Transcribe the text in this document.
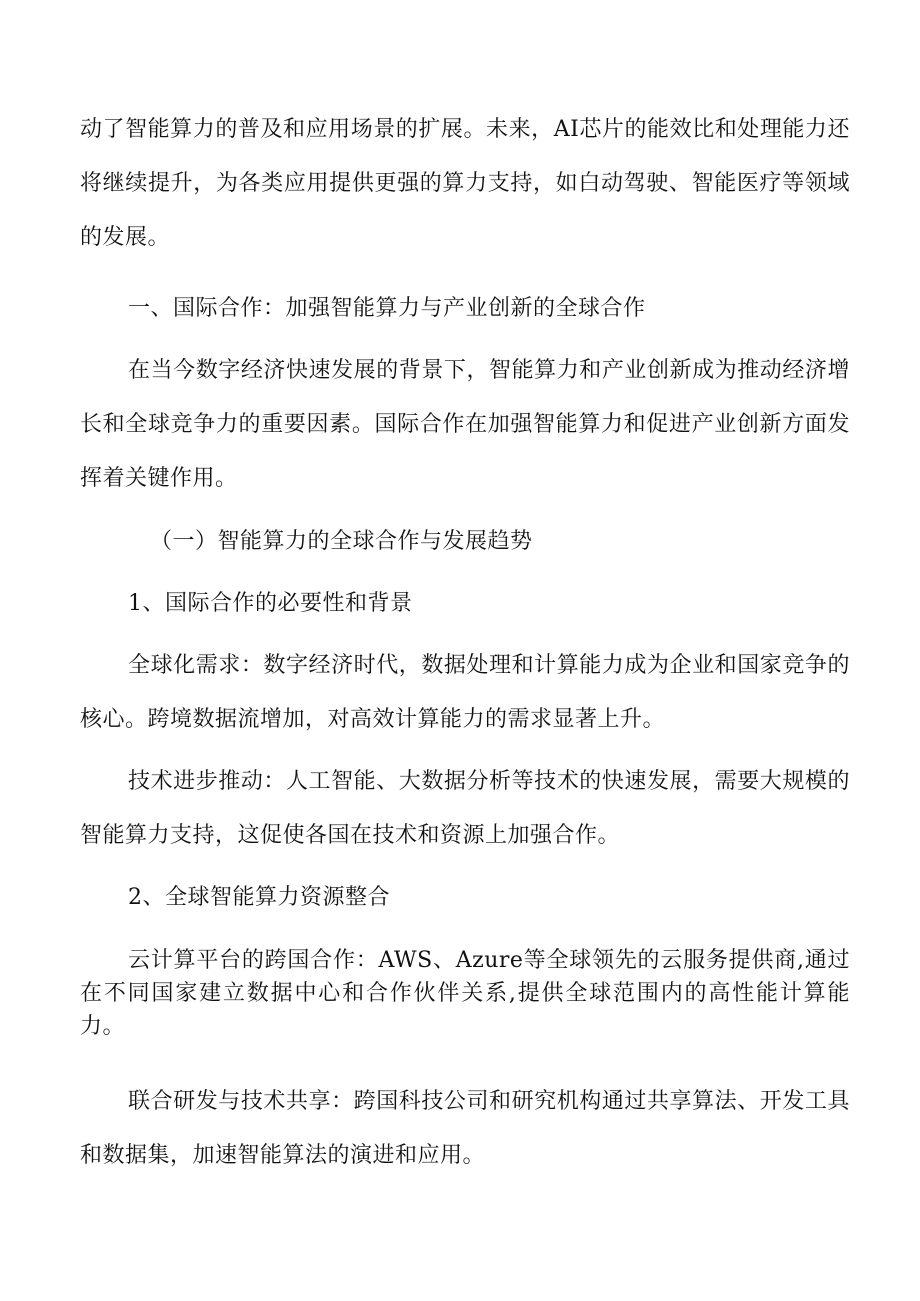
动了智能算力的普及和应用场景的扩展。未来，AI芯片的能效比和处理能力还将继续提升，为各类应用提供更强的算力支持，如白动驾驶、智能医疗等领域的发展。

一、国际合作：加强智能算力与产业创新的全球合作

在当今数字经济快速发展的背景下，智能算力和产业创新成为推动经济增长和全球竞争力的重要因素。国际合作在加强智能算力和促进产业创新方面发挥着关键作用。

（一）智能算力的全球合作与发展趋势

1、国际合作的必要性和背景

全球化需求：数字经济时代，数据处理和计算能力成为企业和国家竞争的核心。跨境数据流增加，对高效计算能力的需求显著上升。

技术进步推动：人工智能、大数据分析等技术的快速发展，需要大规模的智能算力支持，这促使各国在技术和资源上加强合作。

2、全球智能算力资源整合

云计算平台的跨国合作：AWS、Azure等全球领先的云服务提供商,通过在不同国家建立数据中心和合作伙伴关系,提供全球范围内的高性能计算能力。

联合研发与技术共享：跨国科技公司和研究机构通过共享算法、开发工具和数据集，加速智能算法的演进和应用。
